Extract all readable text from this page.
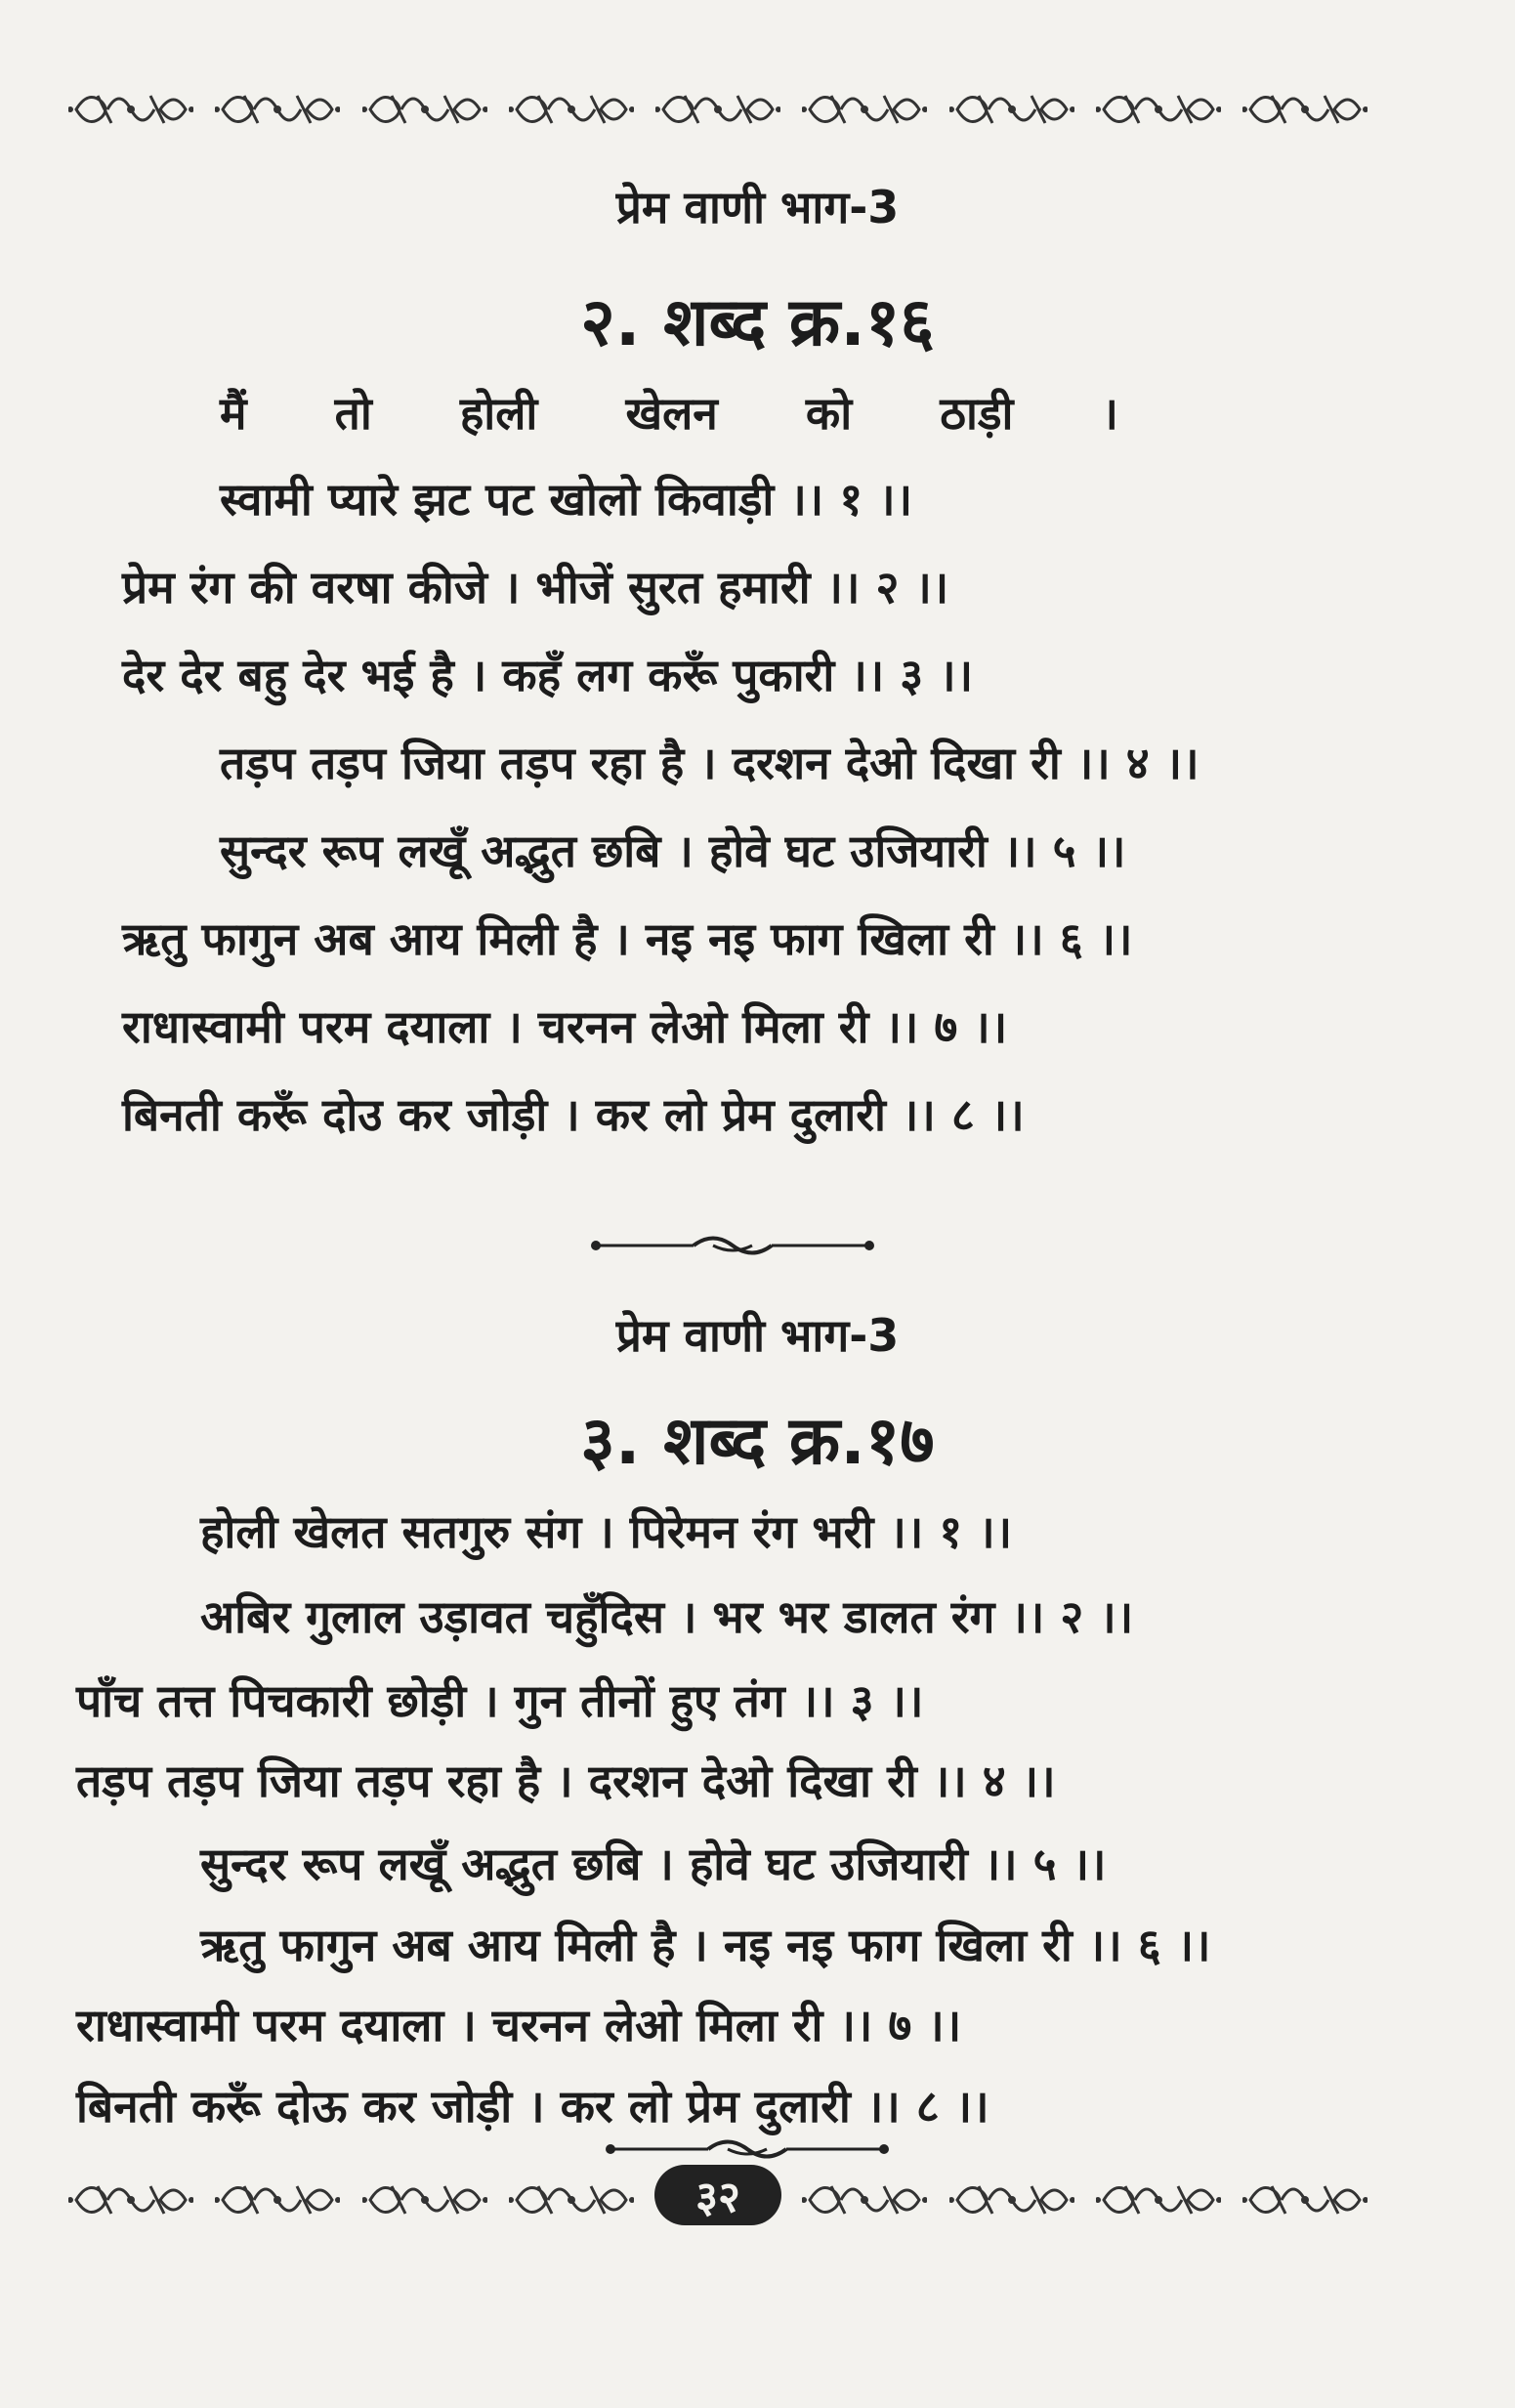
३२
प्रेम वाणी भाग-3
२. शब्द क्र.१६
मैं तो होली खेलन को ठाड़ी ।
स्वामी प्यारे झट पट खोलो किवाड़ी ।। १ ।।
प्रेम रंग की वरषा कीजे । भीजें सुरत हमारी ।। २ ।।
देर देर बहु देर भई है । कहँ लग करूँ पुकारी ।। ३ ।।
तड़प तड़प जिया तड़प रहा है । दरशन देओ दिखा री ।। ४ ।।
सुन्दर रूप लखूँ अद्भुत छबि । होवे घट उजियारी ।। ५ ।।
ऋतु फागुन अब आय मिली है । नइ नइ फाग खिला री ।। ६ ।।
राधास्वामी परम दयाला । चरनन लेओ मिला री ।। ७ ।।
बिनती करूँ दोउ कर जोड़ी । कर लो प्रेम दुलारी ।। ८ ।।
प्रेम वाणी भाग-3
३. शब्द क्र.१७
होली खेलत सतगुरु संग । पिरेमन रंग भरी ।। १ ।।
अबिर गुलाल उड़ावत चहुँदिस । भर भर डालत रंग ।। २ ।।
पाँच तत्त पिचकारी छोड़ी । गुन तीनों हुए तंग ।। ३ ।।
तड़प तड़प जिया तड़प रहा है । दरशन देओ दिखा री ।। ४ ।।
सुन्दर रूप लखूँ अद्भुत छबि । होवे घट उजियारी ।। ५ ।।
ऋतु फागुन अब आय मिली है । नइ नइ फाग खिला री ।। ६ ।।
राधास्वामी परम दयाला । चरनन लेओ मिला री ।। ७ ।।
बिनती करूँ दोऊ कर जोड़ी । कर लो प्रेम दुलारी ।। ८ ।।
